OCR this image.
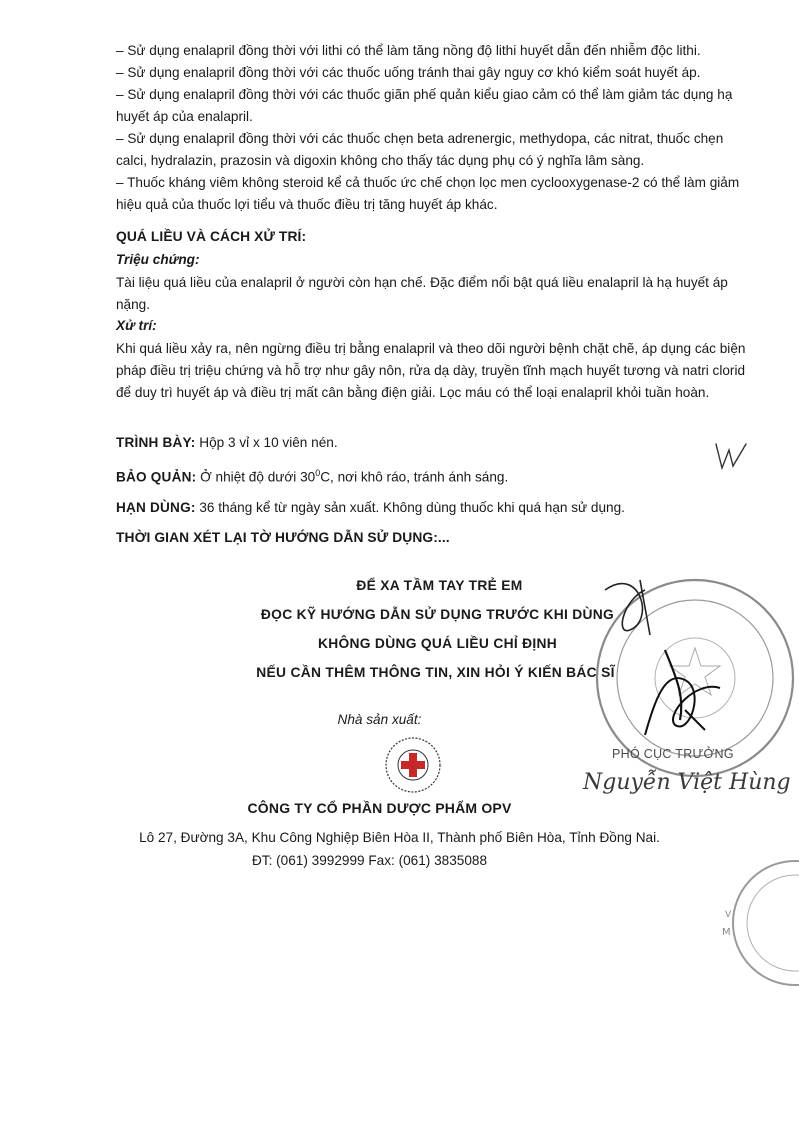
– Sử dụng enalapril đồng thời với lithi có thể làm tăng nồng độ lithi huyết dẫn đến nhiễm độc lithi.

– Sử dụng enalapril đồng thời với các thuốc uống tránh thai gây nguy cơ khó kiểm soát huyết áp.

– Sử dụng enalapril đồng thời với các thuốc giãn phế quản kiểu giao cảm có thể làm giảm tác dụng hạ huyết áp của enalapril.

– Sử dụng enalapril đồng thời với các thuốc chẹn beta adrenergic, methydopa, các nitrat, thuốc chẹn calci, hydralazin, prazosin và digoxin không cho thấy tác dụng phụ có ý nghĩa lâm sàng.

– Thuốc kháng viêm không steroid kể cả thuốc ức chế chọn lọc men cyclooxygenase-2 có thể làm giảm hiệu quả của thuốc lợi tiểu và thuốc điều trị tăng huyết áp khác.

QUÁ LIỀU VÀ CÁCH XỬ TRÍ:
Triệu chứng:

Tài liệu quá liều của enalapril ở người còn hạn chế. Đặc điểm nổi bật quá liều enalapril là hạ huyết áp nặng.

Xử trí:

Khi quá liều xảy ra, nên ngừng điều trị bằng enalapril và theo dõi người bệnh chặt chẽ, áp dụng các biện pháp điều trị triệu chứng và hỗ trợ như gây nôn, rửa dạ dày, truyền tĩnh mạch huyết tương và natri clorid để duy trì huyết áp và điều trị mất cân bằng điện giải. Lọc máu có thể loại enalapril khỏi tuần hoàn.

TRÌNH BÀY: Hộp 3 vỉ x 10 viên nén.
BẢO QUẢN: Ở nhiệt độ dưới $30^0C$, nơi khô ráo, tránh ánh sáng.
HẠN DÙNG: 36 tháng kể từ ngày sản xuất. Không dùng thuốc khi quá hạn sử dụng.
THỜI GIAN XÉT LẠI TỜ HƯỚNG DẪN SỬ DỤNG:...
ĐỂ XA TẦM TAY TRẺ EM
ĐỌC KỸ HƯỚNG DẪN SỬ DỤNG TRƯỚC KHI DÙNG
KHÔNG DÙNG QUÁ LIỀU CHỈ ĐỊNH
NẾU CẦN THÊM THÔNG TIN, XIN HỎI Ý KIẾN BÁC SĨ
M
V
PHÓ CỤC TRƯỞNG
Nguyễn Việt Hùng
Nhà sản xuất:
CÔNG TY CỔ PHẦN DƯỢC PHẨM OPV
Lô 27, Đường 3A, Khu Công Nghiệp Biên Hòa II, Thành phố Biên Hòa, Tỉnh Đồng Nai.
ĐT: (061) 3992999 Fax: (061) 3835088
